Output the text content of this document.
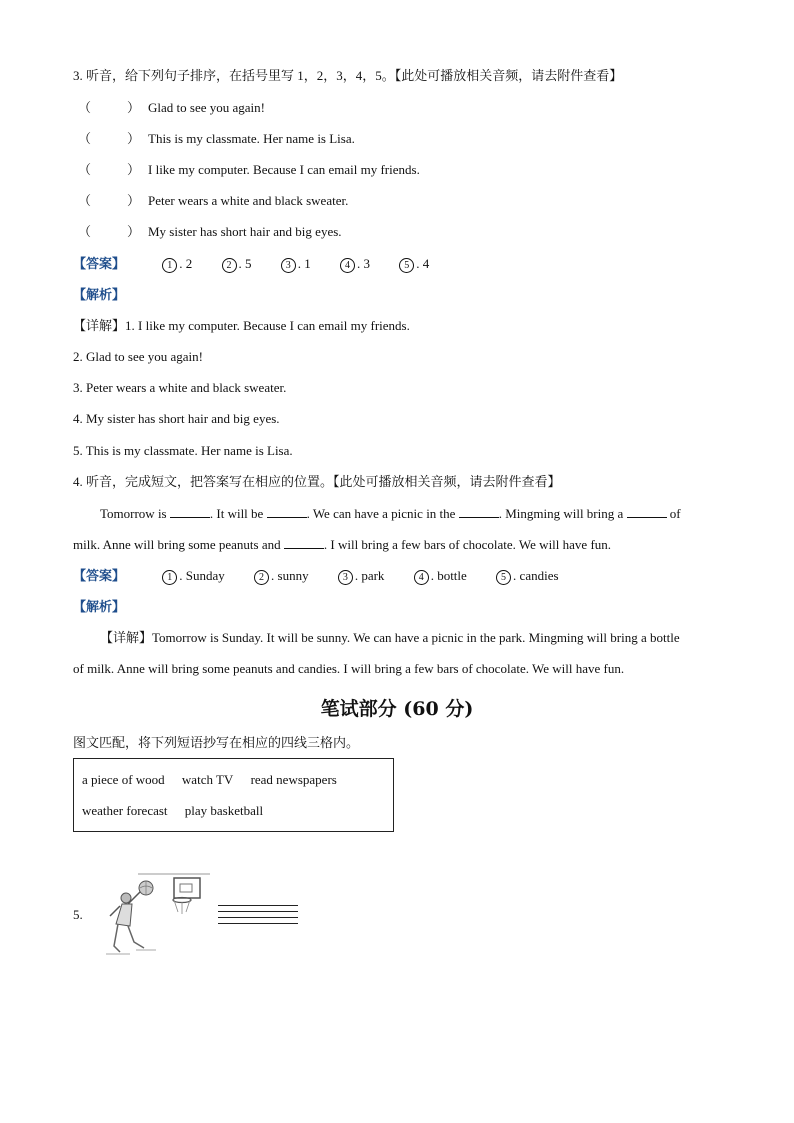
3. 听音，给下列句子排序，在括号里写 1，2，3，4，5。【此处可播放相关音频，请去附件查看】
（	） Glad to see you again!
（	） This is my classmate. Her name is Lisa.
（	） I like my computer. Because I can email my friends.
（	） Peter wears a white and black sweater.
（	） My sister has short hair and big eyes.
【答案】	1 . 2	2 . 5	3 . 1	4 . 3	5 . 4
【解析】
【详解】1. I like my computer. Because I can email my friends.
2. Glad to see you again!
3. Peter wears a white and black sweater.
4. My sister has short hair and big eyes.
5. This is my classmate. Her name is Lisa.
4. 听音，完成短文，把答案写在相应的位置。【此处可播放相关音频，请去附件查看】
Tomorrow is	. It will be	. We can have a picnic in the	. Mingming will bring a	of
milk. Anne will bring some peanuts and	. I will bring a few bars of chocolate. We will have fun.
【答案】	1 . Sunday	2 . sunny	3 . park	4 . bottle	5 . candies
【解析】
【详解】Tomorrow is Sunday. It will be sunny. We can have a picnic in the park. Mingming will bring a bottle
of milk. Anne will bring some peanuts and candies. I will bring a few bars of chocolate. We will have fun.
笔试部分 (60 分)
图文匹配，将下列短语抄写在相应的四线三格内。
a piece of wood watch TV read newspapers
weather forecast play basketball
5.
